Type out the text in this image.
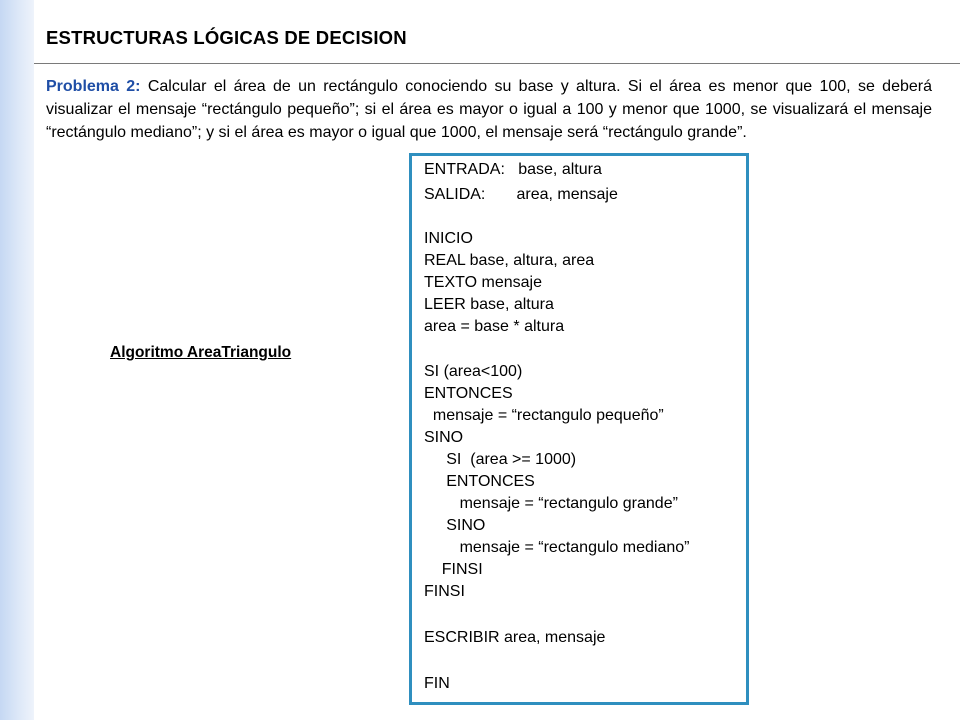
ESTRUCTURAS LÓGICAS DE DECISION
Problema 2: Calcular el área de un rectángulo conociendo su base y altura. Si el área es menor que 100, se deberá visualizar el mensaje “rectángulo pequeño”; si el área es mayor o igual a 100 y menor que 1000, se visualizará el mensaje “rectángulo mediano”; y si el área es mayor o igual que 1000, el mensaje será “rectángulo grande”.
Algoritmo AreaTriangulo
ENTRADA:   base, altura
SALIDA:       area, mensaje
INICIO
REAL base, altura, area
TEXTO mensaje
LEER base, altura
area = base * altura
SI (area<100)
ENTONCES
mensaje = “rectangulo pequeño”
SINO
SI  (area >= 1000)
ENTONCES
mensaje = “rectangulo grande”
SINO
mensaje = “rectangulo mediano”
FINSI
FINSI
ESCRIBIR area, mensaje
FIN
